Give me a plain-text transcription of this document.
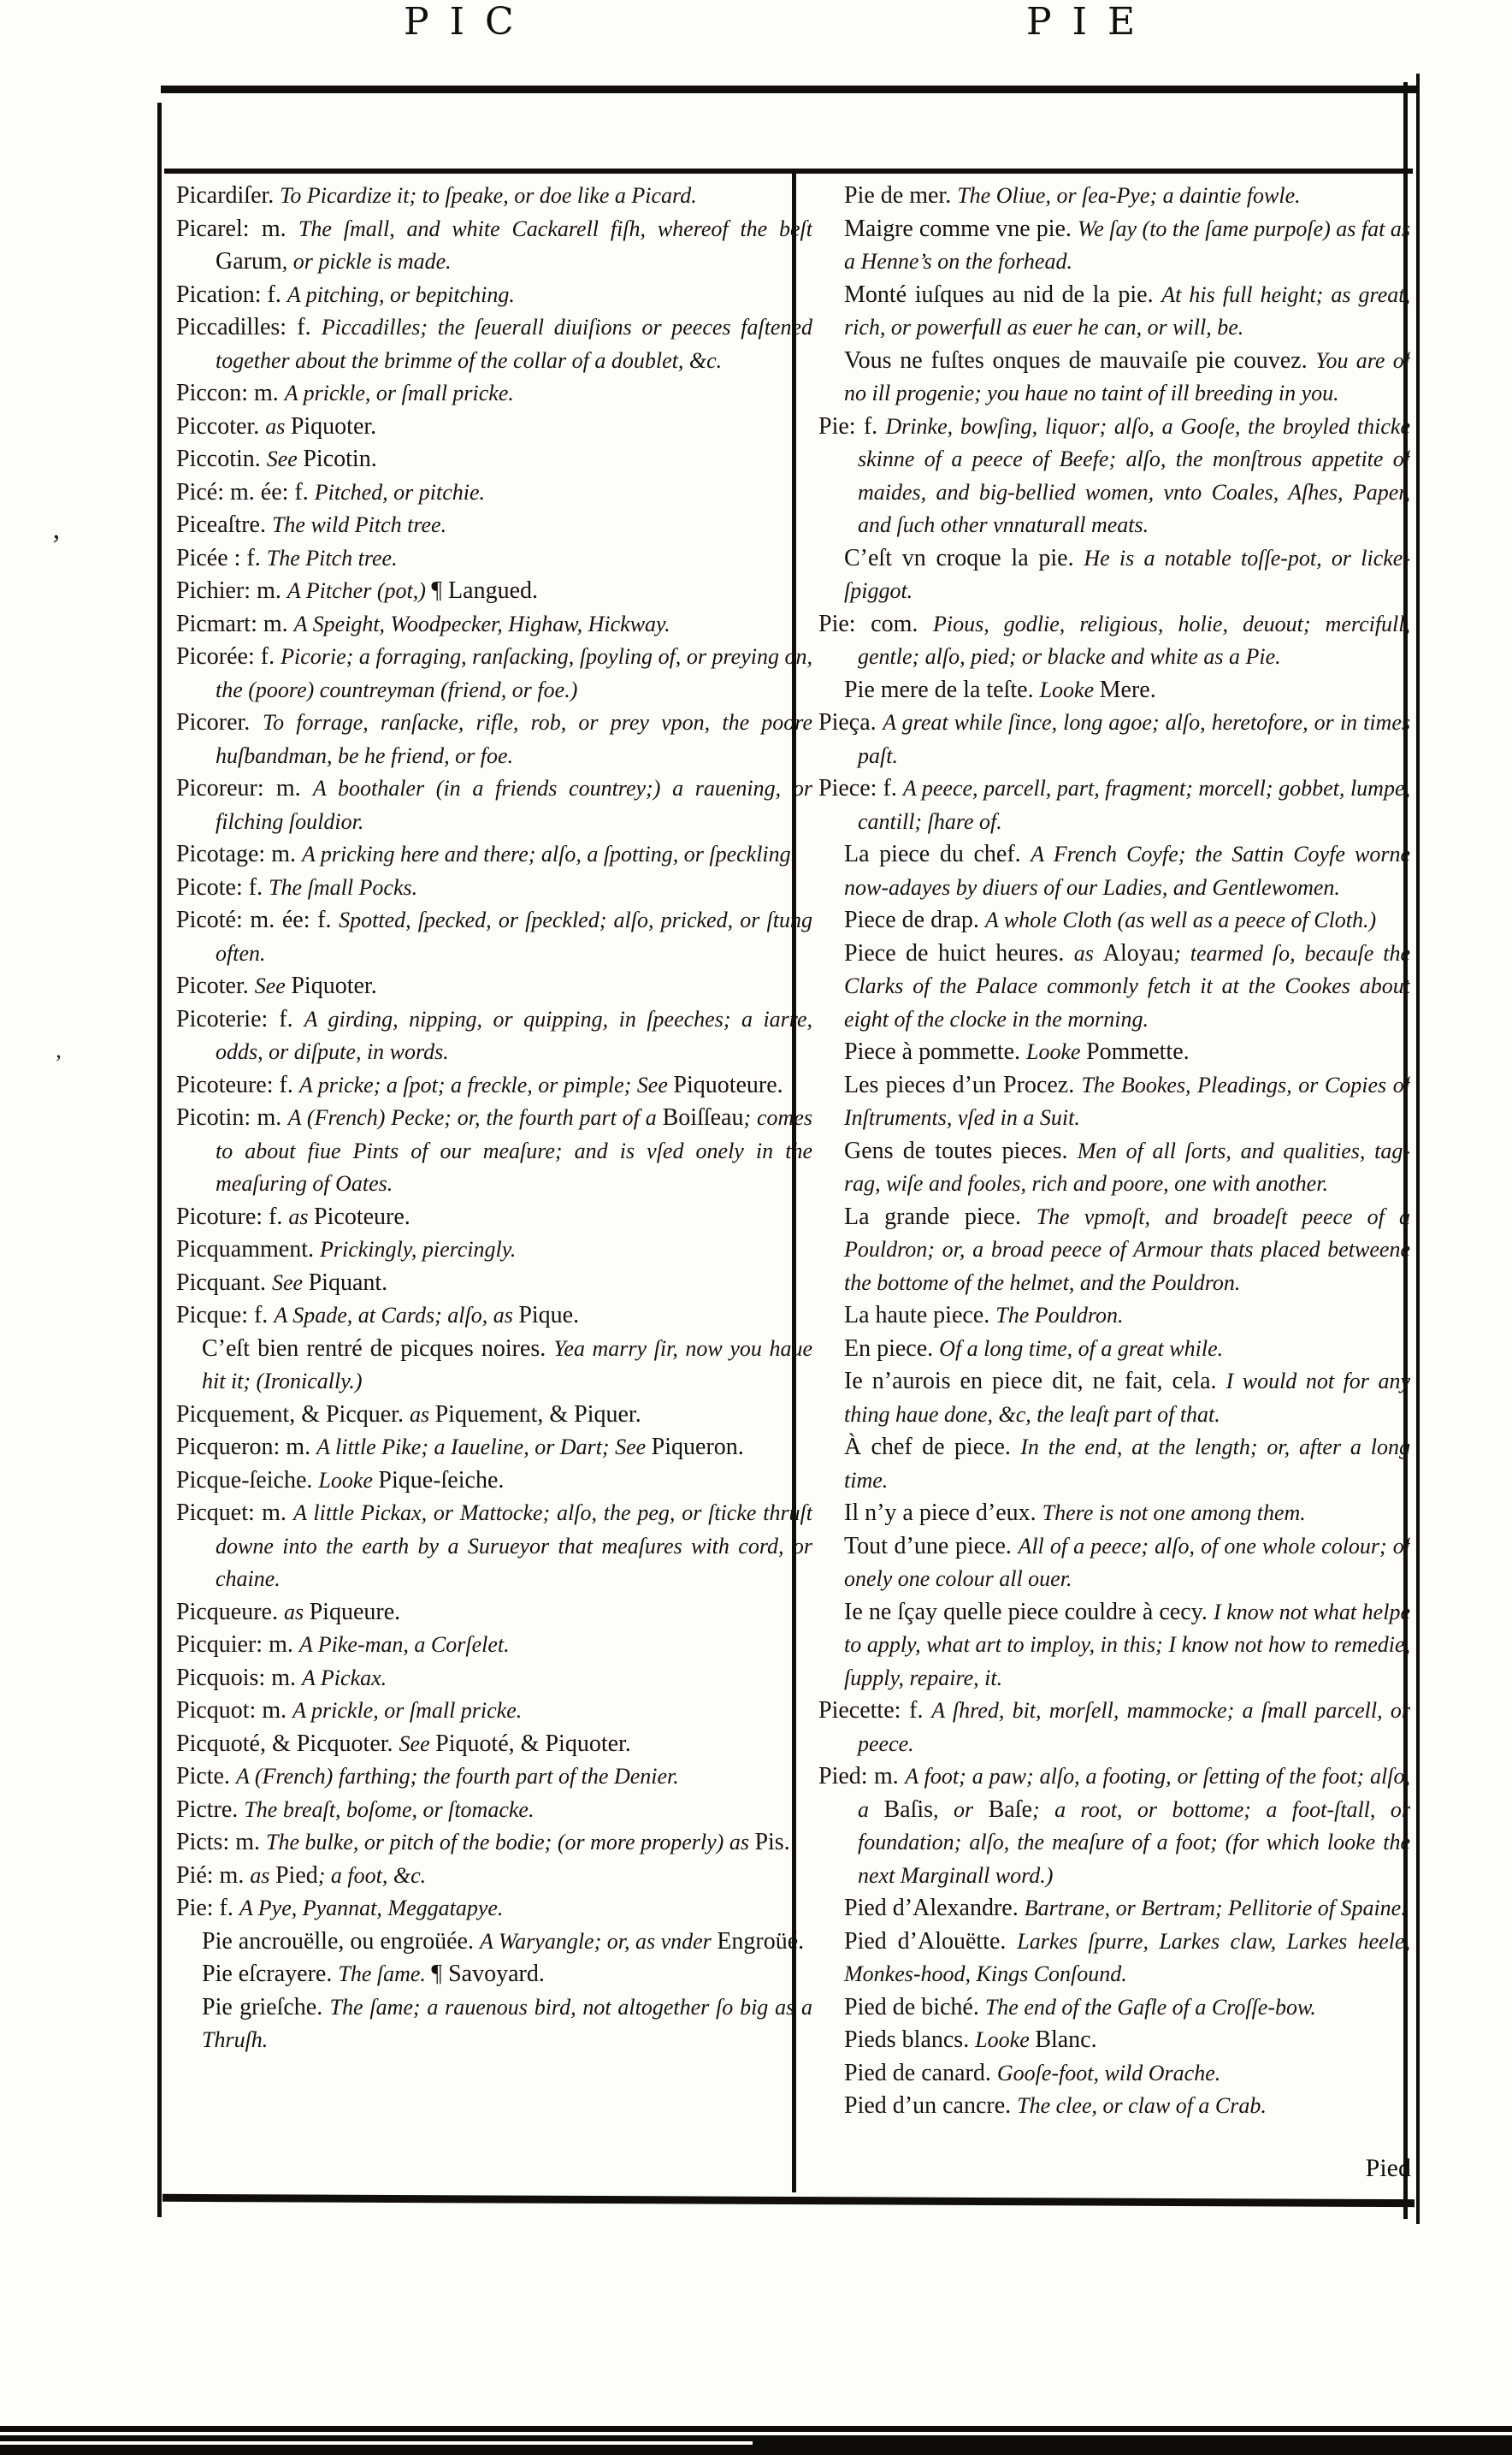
PIC	PIE

Picardiſer. To Picardize it; to ſpeake, or doe like a Picard.

Picarel: m. The ſmall, and white Cackarell fiſh, whereof the beſt Garum, or pickle is made.

Pication: f. A pitching, or bepitching.

Piccadilles: f. Piccadilles; the ſeuerall diuiſions or peeces faſtened together about the brimme of the collar of a doublet, &c.

Piccon: m. A prickle, or ſmall pricke.

Piccoter. as Piquoter.

Piccotin. See Picotin.

Picé: m. ée: f. Pitched, or pitchie.

Piceaſtre. The wild Pitch tree.

Picée : f. The Pitch tree.

Pichier: m. A Pitcher (pot,) ¶ Langued.

Picmart: m. A Speight, Woodpecker, Highaw, Hickway.

Picorée: f. Picorie; a forraging, ranſacking, ſpoyling of, or preying on, the (poore) countreyman (friend, or foe.)

Picorer. To forrage, ranſacke, rifle, rob, or prey vpon, the poore huſbandman, be he friend, or foe.

Picoreur: m. A boothaler (in a friends countrey;) a rauening, or filching ſouldior.

Picotage: m. A pricking here and there; alſo, a ſpotting, or ſpeckling.

Picote: f. The ſmall Pocks.

Picoté: m. ée: f. Spotted, ſpecked, or ſpeckled; alſo, pricked, or ſtung often.

Picoter. See Piquoter.

Picoterie: f. A girding, nipping, or quipping, in ſpeeches; a iarre, odds, or diſpute, in words.

Picoteure: f. A pricke; a ſpot; a freckle, or pimple; See Piquoteure.

Picotin: m. A (French) Pecke; or, the fourth part of a Boiſſeau; comes to about fiue Pints of our meaſure; and is vſed onely in the meaſuring of Oates.

Picoture: f. as Picoteure.

Picquamment. Prickingly, piercingly.

Picquant. See Piquant.

Picque: f. A Spade, at Cards; alſo, as Pique.

C’eſt bien rentré de picques noires. Yea marry ſir, now you haue hit it; (Ironically.)

Picquement, & Picquer. as Piquement, & Piquer.

Picqueron: m. A little Pike; a Iaueline, or Dart; See Piqueron.

Picque-ſeiche. Looke Pique-ſeiche.

Picquet: m. A little Pickax, or Mattocke; alſo, the peg, or ſticke thruſt downe into the earth by a Surueyor that meaſures with cord, or chaine.

Picqueure. as Piqueure.

Picquier: m. A Pike-man, a Corſelet.

Picquois: m. A Pickax.

Picquot: m. A prickle, or ſmall pricke.

Picquoté, & Picquoter. See Piquoté, & Piquoter.

Picte. A (French) farthing; the fourth part of the Denier.

Pictre. The breaſt, boſome, or ſtomacke.

Picts: m. The bulke, or pitch of the bodie; (or more properly) as Pis.

Pié: m. as Pied; a foot, &c.

Pie: f. A Pye, Pyannat, Meggatapye.

Pie ancrouëlle, ou engroüée. A Waryangle; or, as vnder Engroüé.

Pie eſcrayere. The ſame. ¶ Savoyard.

Pie grieſche. The ſame; a rauenous bird, not altogether ſo big as a Thruſh.

Pie de mer. The Oliue, or ſea-Pye; a daintie fowle.

Maigre comme vne pie. We ſay (to the ſame purpoſe) as fat as a Henne’s on the forhead.

Monté iuſques au nid de la pie. At his full height; as great, rich, or powerfull as euer he can, or will, be.

Vous ne fuſtes onques de mauvaiſe pie couvez. You are of no ill progenie; you haue no taint of ill breeding in you.

Pie: f. Drinke, bowſing, liquor; alſo, a Gooſe, the broyled thicke skinne of a peece of Beefe; alſo, the monſtrous appetite of maides, and big-bellied women, vnto Coales, Aſhes, Paper, and ſuch other vnnaturall meats.

C’eſt vn croque la pie. He is a notable toſſe-pot, or licke-ſpiggot.

Pie: com. Pious, godlie, religious, holie, deuout; mercifull, gentle; alſo, pied; or blacke and white as a Pie.

Pie mere de la teſte. Looke Mere.

Pieça. A great while ſince, long agoe; alſo, heretofore, or in times paſt.

Piece: f. A peece, parcell, part, fragment; morcell; gobbet, lumpe, cantill; ſhare of.

La piece du chef. A French Coyfe; the Sattin Coyfe worne now-adayes by diuers of our Ladies, and Gentlewomen.

Piece de drap. A whole Cloth (as well as a peece of Cloth.)

Piece de huict heures. as Aloyau; tearmed ſo, becauſe the Clarks of the Palace commonly fetch it at the Cookes about eight of the clocke in the morning.

Piece à pommette. Looke Pommette.

Les pieces d’un Procez. The Bookes, Pleadings, or Copies of Inſtruments, vſed in a Suit.

Gens de toutes pieces. Men of all ſorts, and qualities, tag-rag, wiſe and fooles, rich and poore, one with another.

La grande piece. The vpmoſt, and broadeſt peece of a Pouldron; or, a broad peece of Armour thats placed betweene the bottome of the helmet, and the Pouldron.

La haute piece. The Pouldron.

En piece. Of a long time, of a great while.

Ie n’aurois en piece dit, ne fait, cela. I would not for any thing haue done, &c, the leaſt part of that.

À chef de piece. In the end, at the length; or, after a long time.

Il n’y a piece d’eux. There is not one among them.

Tout d’une piece. All of a peece; alſo, of one whole colour; of onely one colour all ouer.

Ie ne ſçay quelle piece couldre à cecy. I know not what helpe to apply, what art to imploy, in this; I know not how to remedie, ſupply, repaire, it.

Piecette: f. A ſhred, bit, morſell, mammocke; a ſmall parcell, or peece.

Pied: m. A foot; a paw; alſo, a footing, or ſetting of the foot; alſo, a Baſis, or Baſe; a root, or bottome; a foot-ſtall, or foundation; alſo, the meaſure of a foot; (for which looke the next Marginall word.)

Pied d’Alexandre. Bartrane, or Bertram; Pellitorie of Spaine.

Pied d’Alouëtte. Larkes ſpurre, Larkes claw, Larkes heele, Monkes-hood, Kings Conſound.

Pied de biché. The end of the Gafle of a Croſſe-bow.

Pieds blancs. Looke Blanc.

Pied de canard. Gooſe-foot, wild Orache.

Pied d’un cancre. The clee, or claw of a Crab.

Pied
‚
’
